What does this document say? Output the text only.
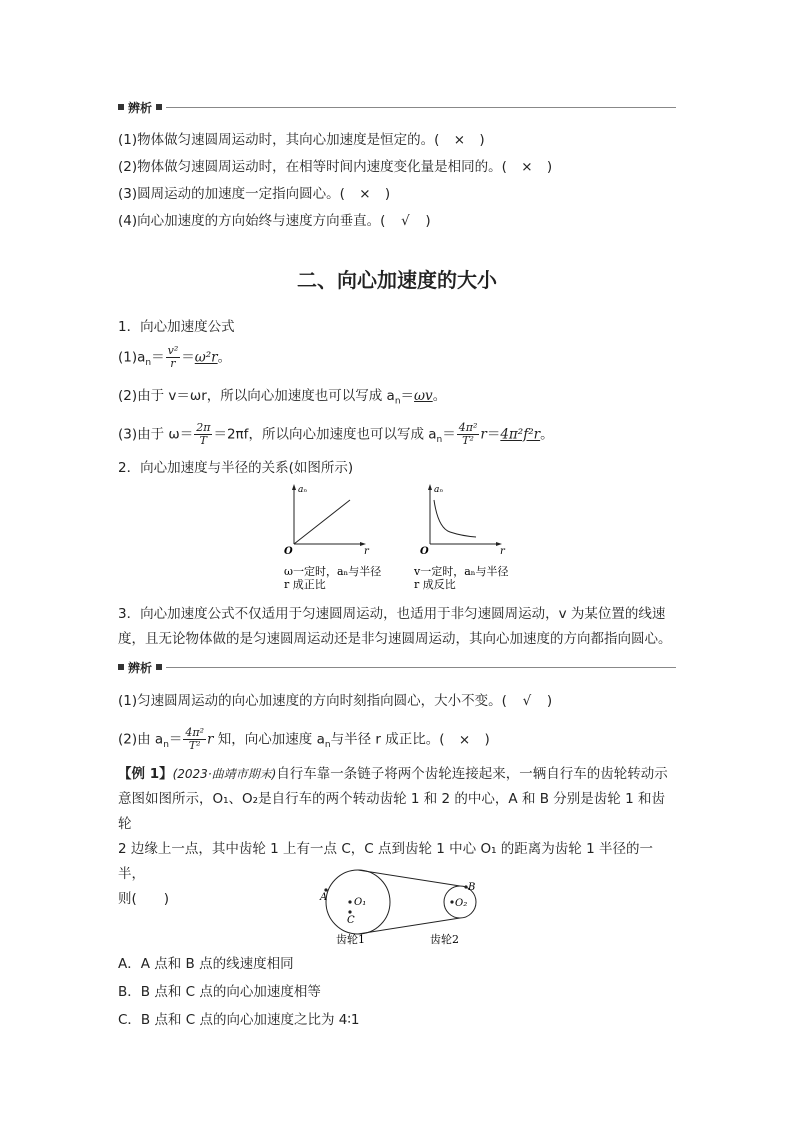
辨析
(1)物体做匀速圆周运动时，其向心加速度是恒定的。( × )
(2)物体做匀速圆周运动时，在相等时间内速度变化量是相同的。( × )
(3)圆周运动的加速度一定指向圆心。( × )
(4)向心加速度的方向始终与速度方向垂直。( √ )
二、向心加速度的大小
1．向心加速度公式
$(1)a_n= \frac{\text{v²}}{r} =\omega^2r$。
(2)由于 v＝ωr，所以向心加速度也可以写成 $a_n=\omega v$。
(3)由于 $\omega= \frac{2\pi}{T} =2\pi f$，所以向心加速度也可以写成 $a_n= \frac{\text{4π²}}{\text{T²}} r=4\pi^2f^2r$。
2．向心加速度与半径的关系(如图所示)
aₙ
r
O
ω一定时，aₙ与半径
r 成正比
aₙ
r
O
v一定时，aₙ与半径
r 成反比
3．向心加速度公式不仅适用于匀速圆周运动，也适用于非匀速圆周运动，v 为某位置的线速
度，且无论物体做的是匀速圆周运动还是非匀速圆周运动，其向心加速度的方向都指向圆心。
辨析
(1)匀速圆周运动的向心加速度的方向时刻指向圆心，大小不变。( √ )
(2)由 $a_n= \frac{\text{4π²}}{\text{T²}}$ r 知，向心加速度 $a_n$与半径 r 成正比。( × )
【例 1】(2023·曲靖市期末)自行车靠一条链子将两个齿轮连接起来，一辆自行车的齿轮转动示
意图如图所示，O₁、O₂是自行车的两个转动齿轮 1 和 2 的中心，A 和 B 分别是齿轮 1 和齿轮
2 边缘上一点，其中齿轮 1 上有一点 C，C 点到齿轮 1 中心 O₁ 的距离为齿轮 1 半径的一半，
则(　　)	A	O₁
C
O₂
B
齿轮1	齿轮2
A．A 点和 B 点的线速度相同
B．B 点和 C 点的向心加速度相等
C．B 点和 C 点的向心加速度之比为 4∶1
